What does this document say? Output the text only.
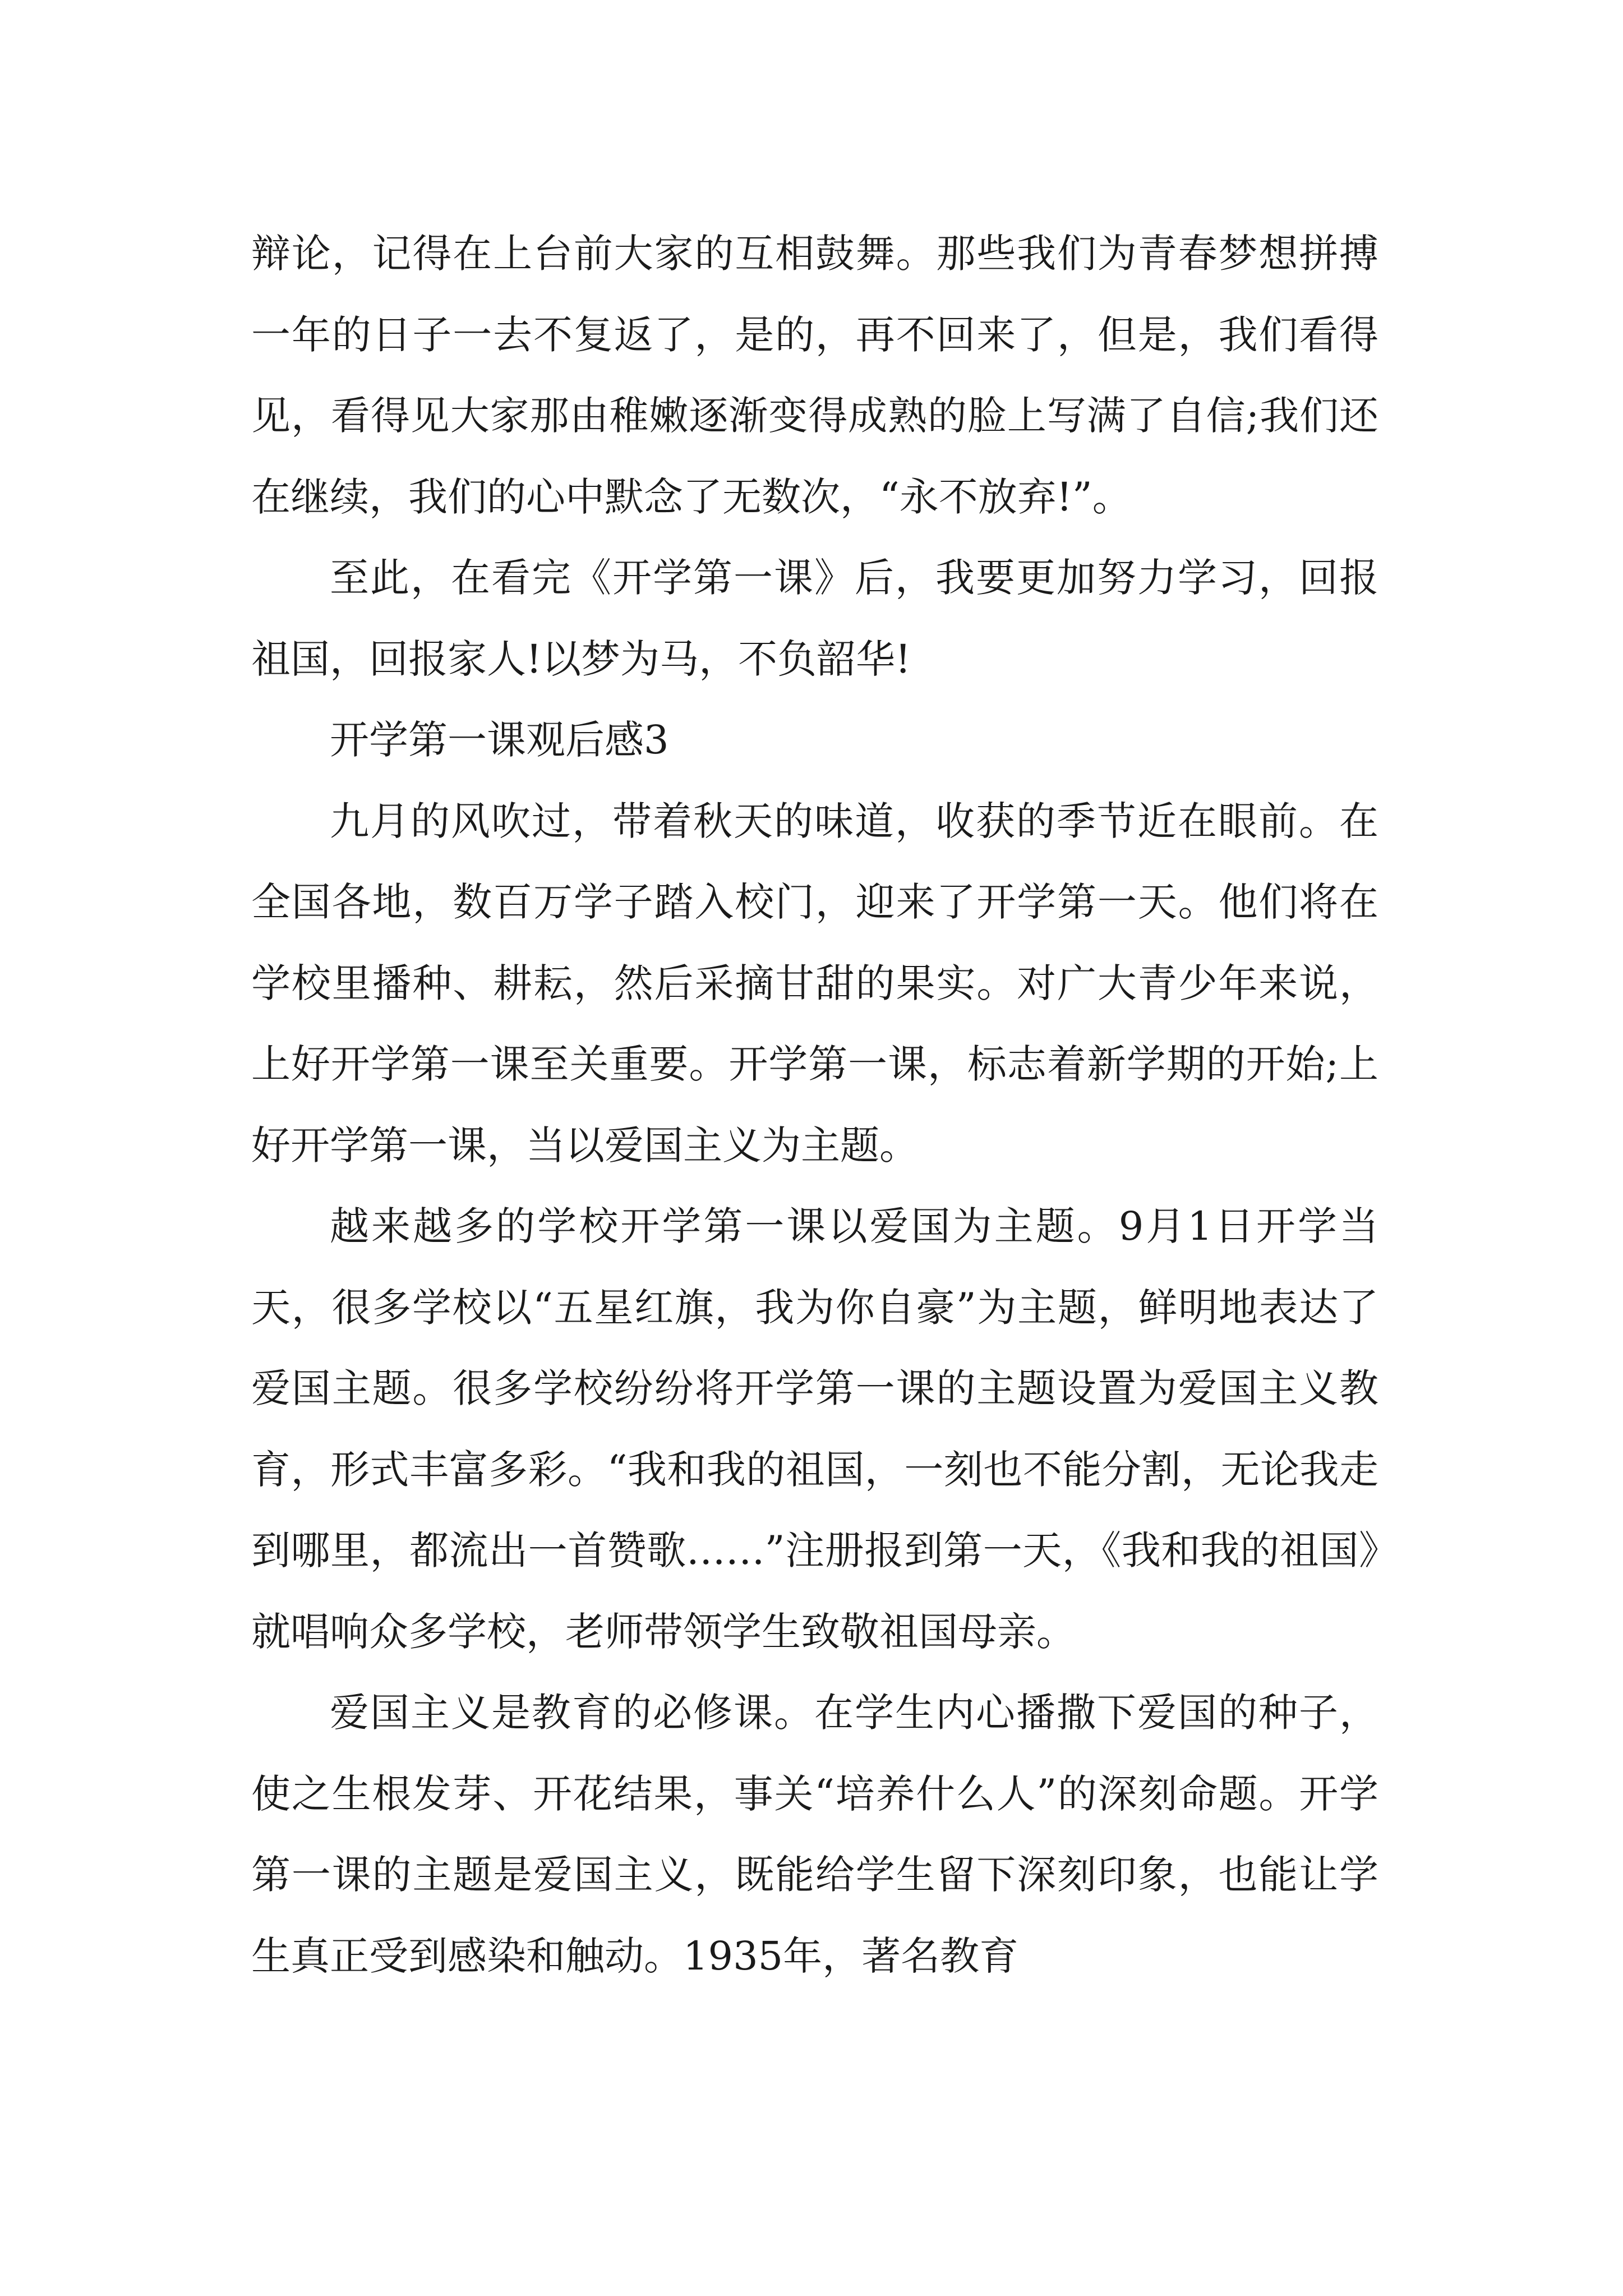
辩论，记得在上台前大家的互相鼓舞。那些我们为青春梦想拼搏一年的日子一去不复返了，是的，再不回来了，但是，我们看得见，看得见大家那由稚嫩逐渐变得成熟的脸上写满了自信;我们还在继续，我们的心中默念了无数次，“永不放弃!”。

至此，在看完《开学第一课》后，我要更加努力学习，回报祖国，回报家人!以梦为马，不负韶华!

开学第一课观后感3

九月的风吹过，带着秋天的味道，收获的季节近在眼前。在全国各地，数百万学子踏入校门，迎来了开学第一天。他们将在学校里播种、耕耘，然后采摘甘甜的果实。对广大青少年来说，上好开学第一课至关重要。开学第一课，标志着新学期的开始;上好开学第一课，当以爱国主义为主题。

越来越多的学校开学第一课以爱国为主题。9月1日开学当天，很多学校以“五星红旗，我为你自豪”为主题，鲜明地表达了爱国主题。很多学校纷纷将开学第一课的主题设置为爱国主义教育，形式丰富多彩。“我和我的祖国，一刻也不能分割，无论我走到哪里，都流出一首赞歌……”注册报到第一天，《我和我的祖国》就唱响众多学校，老师带领学生致敬祖国母亲。

爱国主义是教育的必修课。在学生内心播撒下爱国的种子，使之生根发芽、开花结果，事关“培养什么人”的深刻命题。开学第一课的主题是爱国主义，既能给学生留下深刻印象，也能让学生真正受到感染和触动。1935年，著名教育
